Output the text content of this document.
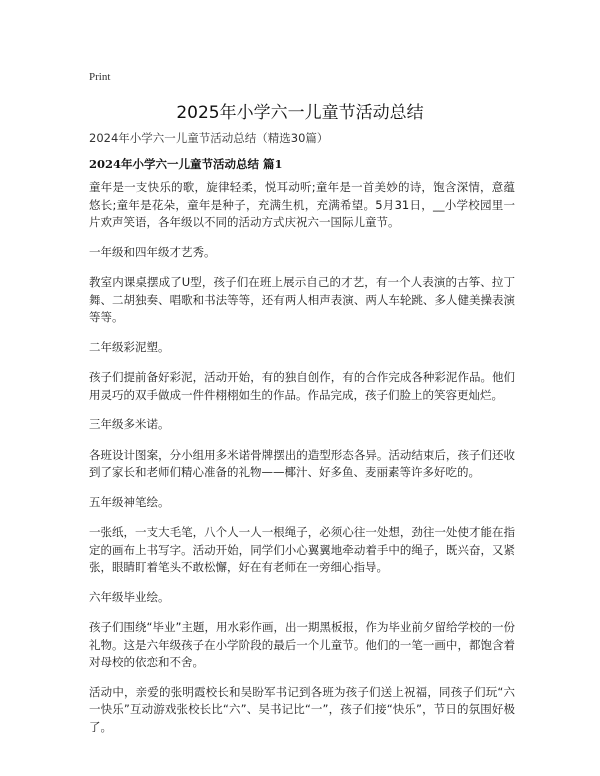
Print
2025年小学六一儿童节活动总结

2024年小学六一儿童节活动总结（精选30篇）

2024年小学六一儿童节活动总结 篇1

童年是一支快乐的歌，旋律轻柔，悦耳动听;童年是一首美妙的诗，饱含深情，意蕴悠长;童年是花朵，童年是种子，充满生机，充满希望。5月31日，__小学校园里一片欢声笑语，各年级以不同的活动方式庆祝六一国际儿童节。

一年级和四年级才艺秀。

教室内课桌摆成了U型，孩子们在班上展示自己的才艺，有一个人表演的古筝、拉丁舞、二胡独奏、唱歌和书法等等，还有两人相声表演、两人车轮跳、多人健美操表演等等。

二年级彩泥塑。

孩子们提前备好彩泥，活动开始，有的独自创作，有的合作完成各种彩泥作品。他们用灵巧的双手做成一件件栩栩如生的作品。作品完成，孩子们脸上的笑容更灿烂。

三年级多米诺。

各班设计图案，分小组用多米诺骨牌摆出的造型形态各异。活动结束后，孩子们还收到了家长和老师们精心准备的礼物——椰汁、好多鱼、麦丽素等许多好吃的。

五年级神笔绘。

一张纸，一支大毛笔，八个人一人一根绳子，必须心往一处想，劲往一处使才能在指定的画布上书写字。活动开始，同学们小心翼翼地牵动着手中的绳子，既兴奋，又紧张，眼睛盯着笔头不敢松懈，好在有老师在一旁细心指导。

六年级毕业绘。

孩子们围绕“毕业”主题，用水彩作画，出一期黑板报，作为毕业前夕留给学校的一份礼物。这是六年级孩子在小学阶段的最后一个儿童节。他们的一笔一画中，都饱含着对母校的依恋和不舍。

活动中，亲爱的张明霞校长和吴盼军书记到各班为孩子们送上祝福，同孩子们玩“六一快乐”互动游戏张校长比“六”、吴书记比“一”，孩子们接“快乐”，节日的氛围好极了。
